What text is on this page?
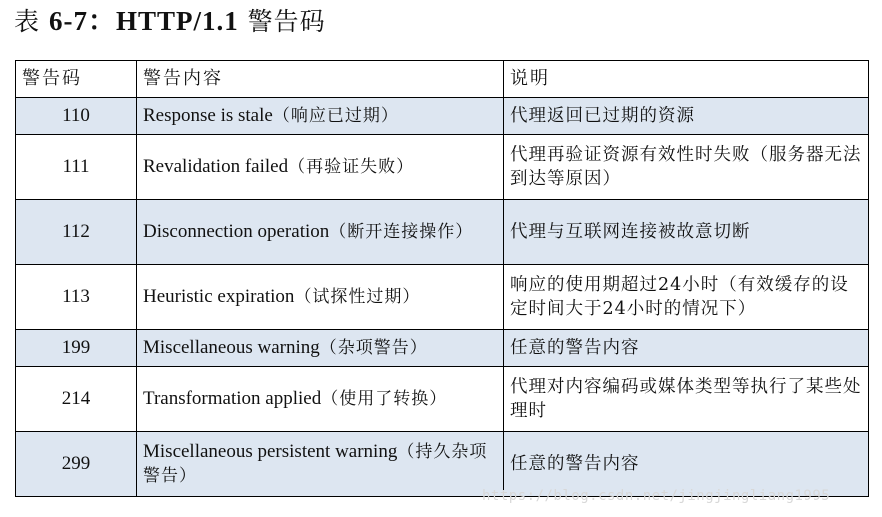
表 6-7：HTTP/1.1 警告码
警告码	警告内容	说明
110	Response is stale（响应已过期）	代理返回已过期的资源
111	Revalidation failed（再验证失败）	代理再验证资源有效性时失败（服务器无法到达等原因）
112	Disconnection operation（断开连接操作）	代理与互联网连接被故意切断
113	Heuristic expiration（试探性过期）	响应的使用期超过24小时（有效缓存的设定时间大于24小时的情况下）
199	Miscellaneous warning（杂项警告）	任意的警告内容
214	Transformation applied（使用了转换）	代理对内容编码或媒体类型等执行了某些处理时
299	Miscellaneous persistent warning（持久杂项警告）	任意的警告内容
https://blog.csdn.net/jingjingliang1995
